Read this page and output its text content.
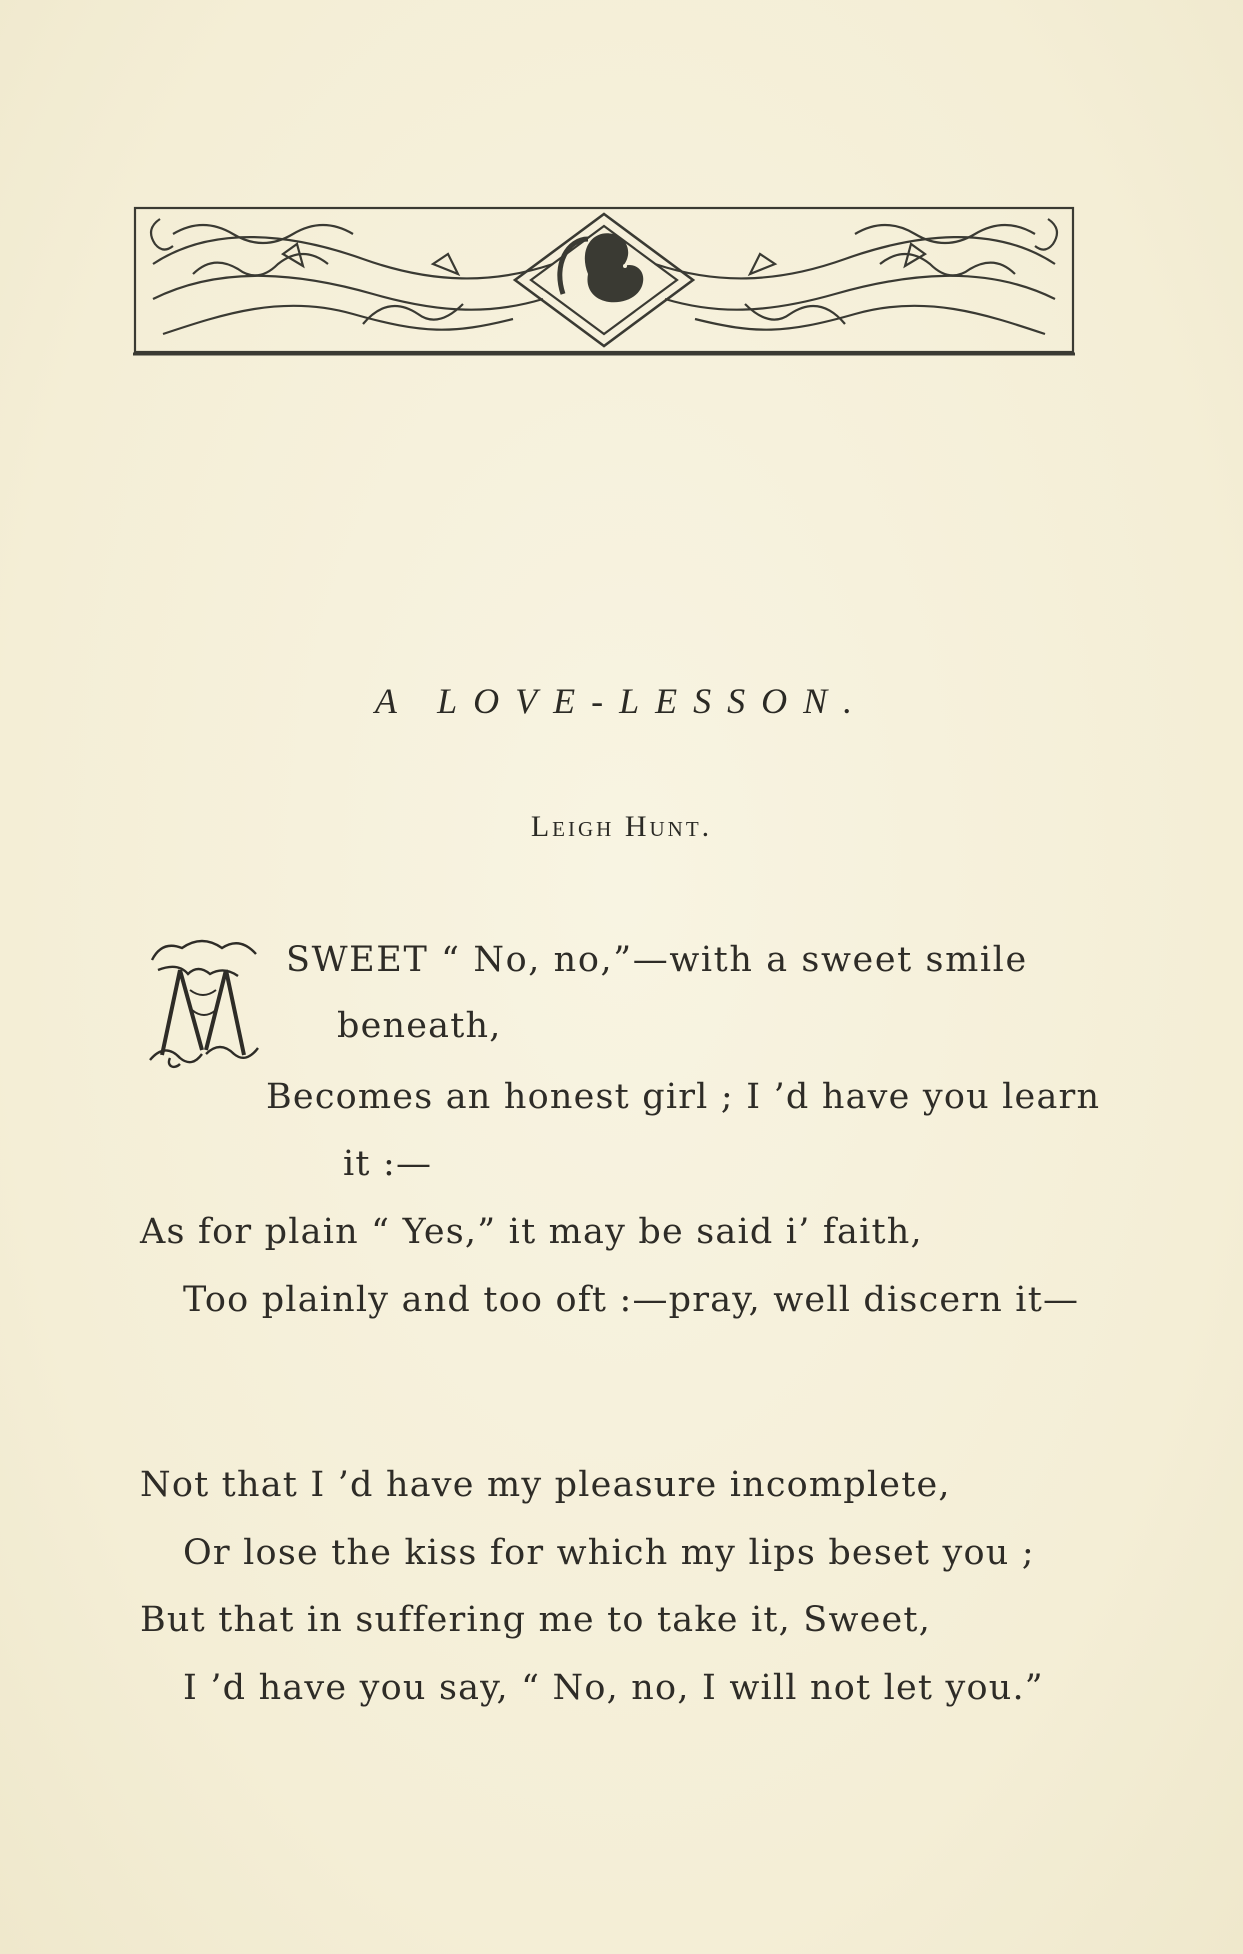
A LOVE-LESSON.
Leigh Hunt.
SWEET “ No, no,”—with a sweet smile
beneath,
Becomes an honest girl ; I ’d have you learn
it :—
As for plain “ Yes,” it may be said i’ faith,
Too plainly and too oft :—pray, well discern it—
Not that I ’d have my pleasure incomplete,
Or lose the kiss for which my lips beset you ;
But that in suffering me to take it, Sweet,
I ’d have you say, “ No, no, I will not let you.”
